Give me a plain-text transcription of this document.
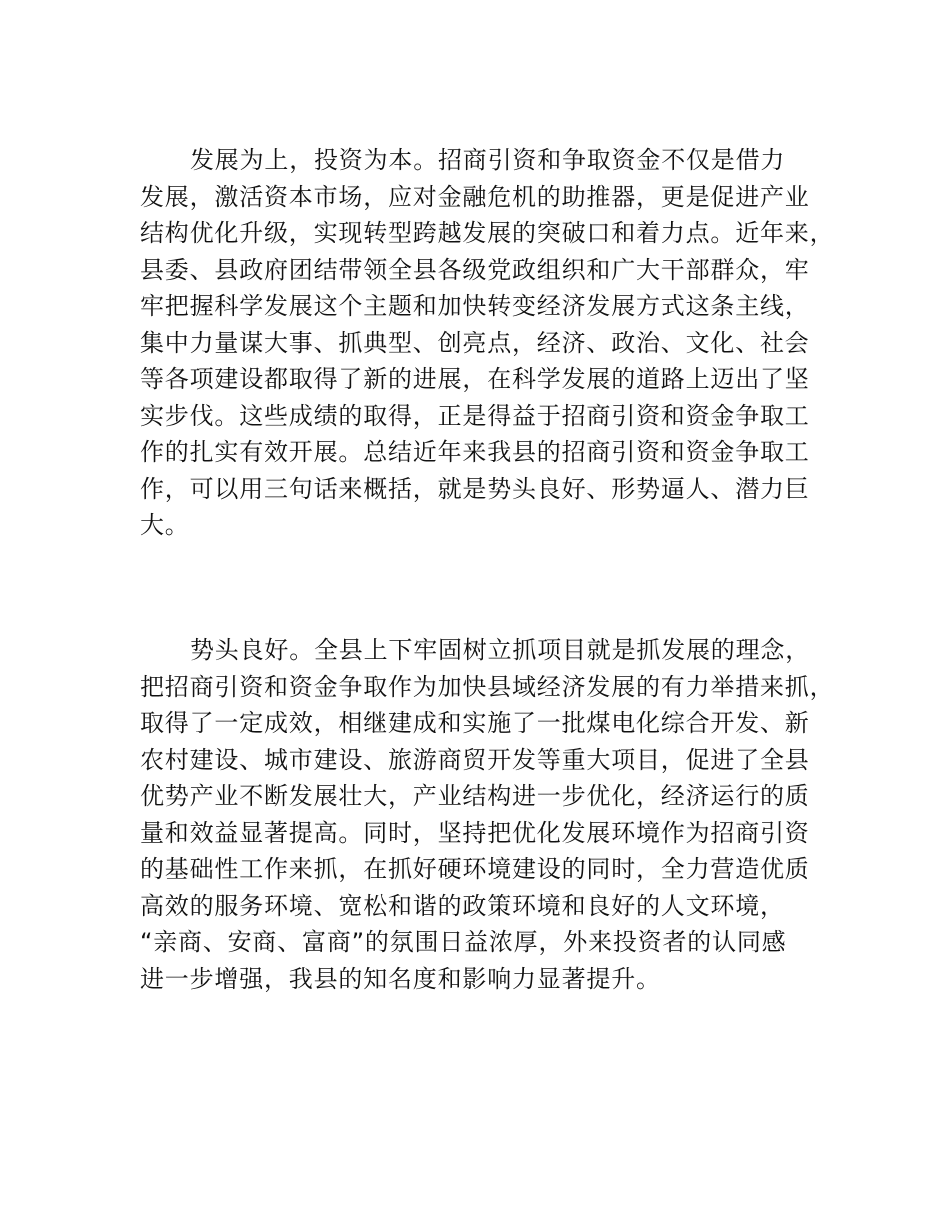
发展为上，投资为本。招商引资和争取资金不仅是借力
发展，激活资本市场，应对金融危机的助推器，更是促进产业
结构优化升级，实现转型跨越发展的突破口和着力点。近年来，
县委、县政府团结带领全县各级党政组织和广大干部群众，牢
牢把握科学发展这个主题和加快转变经济发展方式这条主线，
集中力量谋大事、抓典型、创亮点，经济、政治、文化、社会
等各项建设都取得了新的进展，在科学发展的道路上迈出了坚
实步伐。这些成绩的取得，正是得益于招商引资和资金争取工
作的扎实有效开展。总结近年来我县的招商引资和资金争取工
作，可以用三句话来概括，就是势头良好、形势逼人、潜力巨
大。
势头良好。全县上下牢固树立抓项目就是抓发展的理念，
把招商引资和资金争取作为加快县域经济发展的有力举措来抓，
取得了一定成效，相继建成和实施了一批煤电化综合开发、新
农村建设、城市建设、旅游商贸开发等重大项目，促进了全县
优势产业不断发展壮大，产业结构进一步优化，经济运行的质
量和效益显著提高。同时，坚持把优化发展环境作为招商引资
的基础性工作来抓，在抓好硬环境建设的同时，全力营造优质
高效的服务环境、宽松和谐的政策环境和良好的人文环境，
“亲商、安商、富商”的氛围日益浓厚，外来投资者的认同感
进一步增强，我县的知名度和影响力显著提升。
